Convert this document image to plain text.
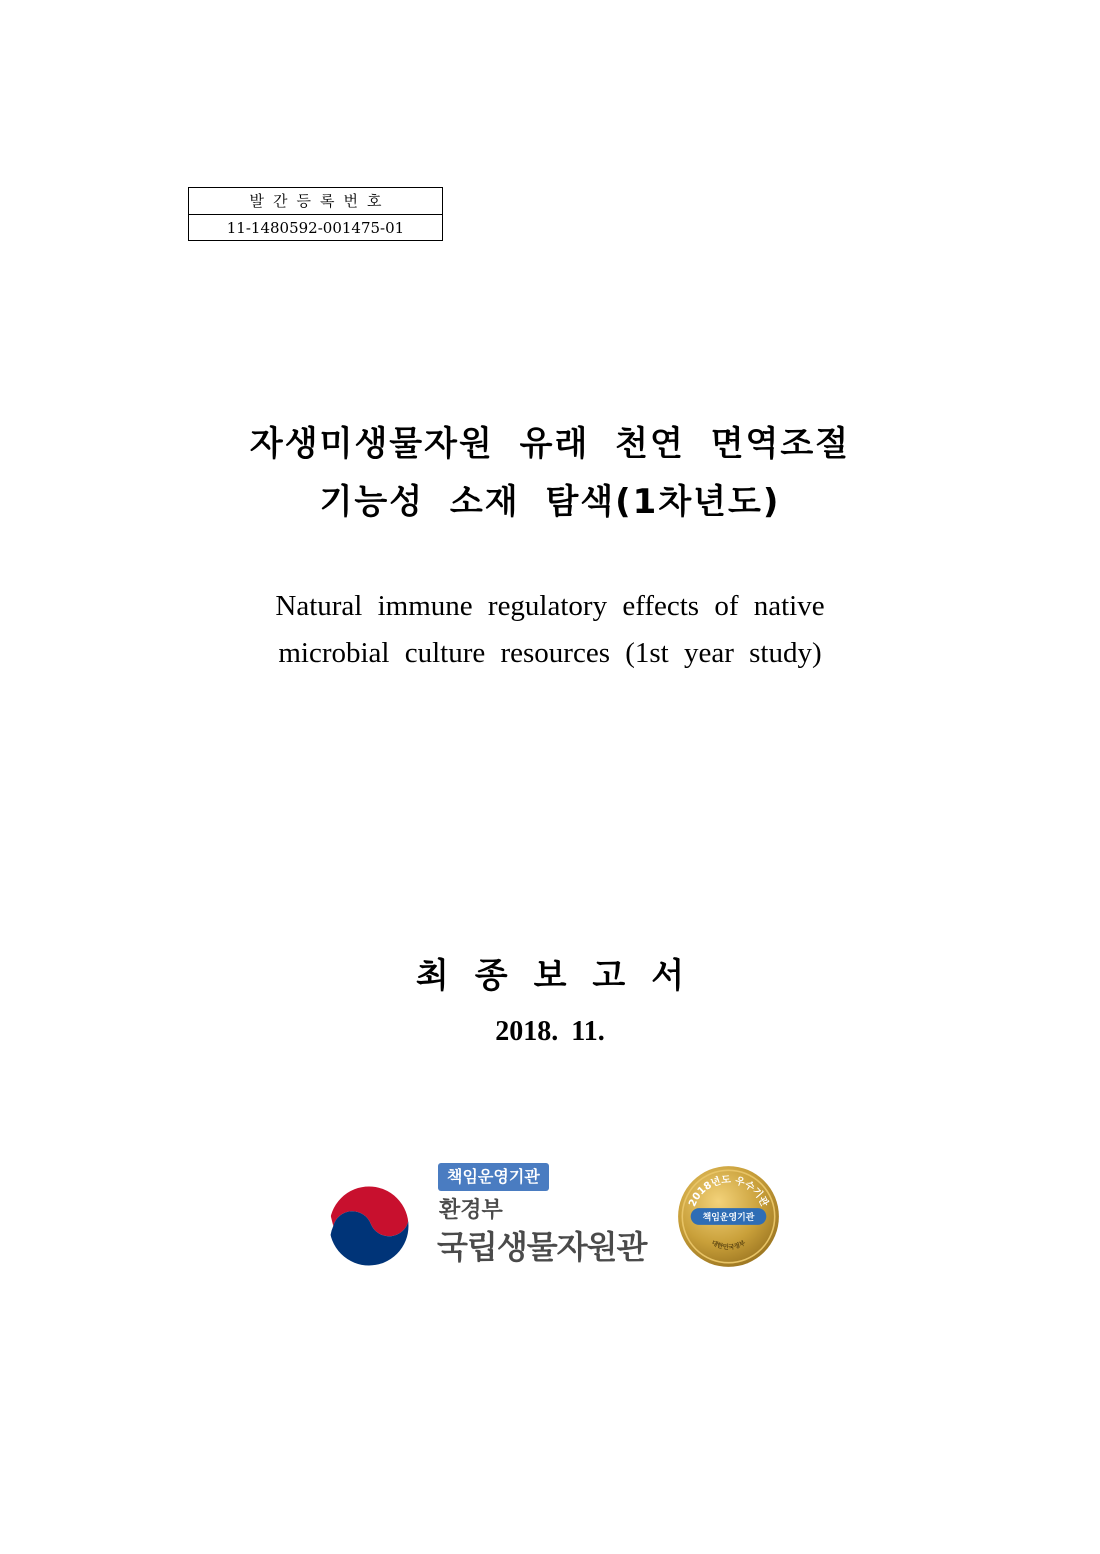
발간등록번호
11-1480592-001475-01
자생미생물자원 유래 천연 면역조절
기능성 소재 탐색(1차년도)

Natural immune regulatory effects of native

microbial culture resources (1st year study)

최종보고서
2018. 11.
책임운영기관
환경부
국립생물자원관
2018년도 우수기관
책임운영기관
대한민국정부
